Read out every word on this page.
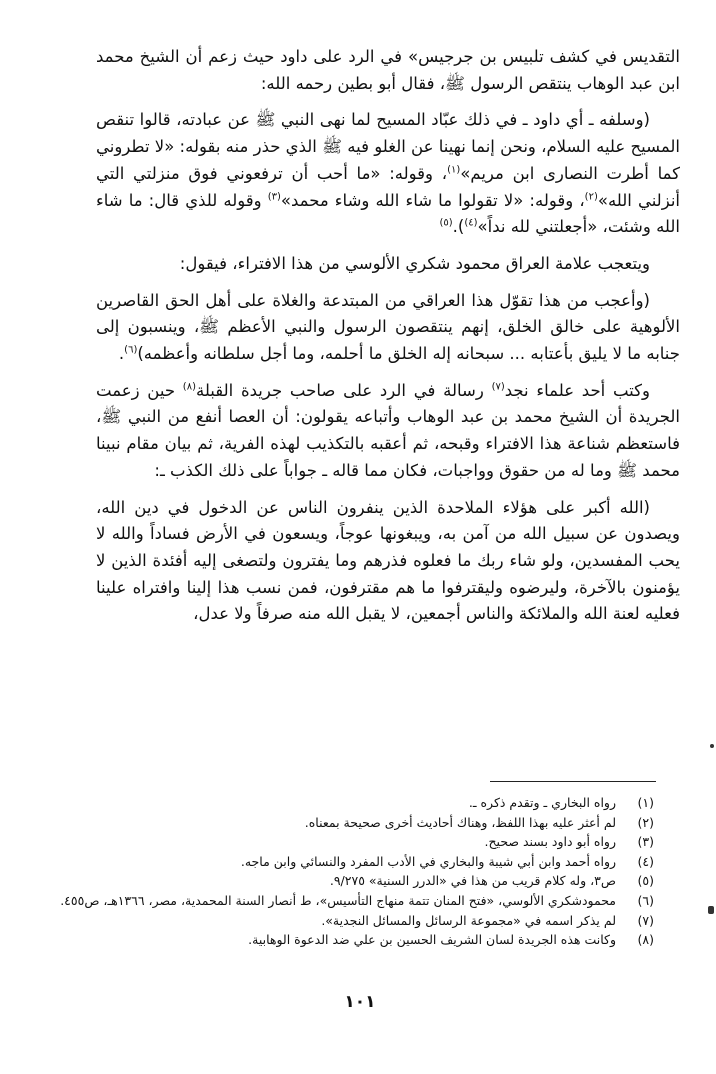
التقديس في كشف تلبيس بن جرجيس» في الرد على داود حيث زعم أن الشيخ محمد ابن عبد الوهاب ينتقص الرسول ﷺ، فقال أبو بطين رحمه الله:

(وسلفه ـ أي داود ـ في ذلك عبّاد المسيح لما نهى النبي ﷺ عن عبادته، قالوا تنقص المسيح عليه السلام، ونحن إنما نهينا عن الغلو فيه ﷺ الذي حذر منه بقوله: «لا تطروني كما أطرت النصارى ابن مريم»$^{(١)}$، وقوله: «ما أحب أن ترفعوني فوق منزلتي التي أنزلني الله»$^{(٢)}$، وقوله: «لا تقولوا ما شاء الله وشاء محمد»$^{(٣)}$ وقوله للذي قال: ما شاء الله وشئت، «أجعلتني لله نداً»$^{(٤)}$).$^{(٥)}$

ويتعجب علامة العراق محمود شكري الألوسي من هذا الافتراء، فيقول:

(وأعجب من هذا تقوّل هذا العراقي من المبتدعة والغلاة على أهل الحق القاصرين الألوهية على خالق الخلق، إنهم ينتقصون الرسول والنبي الأعظم ﷺ، وينسبون إلى جنابه ما لا يليق بأعتابه ... سبحانه إله الخلق ما أحلمه، وما أجل سلطانه وأعظمه)$^{(٦)}$.

وكتب أحد علماء نجد$^{(٧)}$ رسالة في الرد على صاحب جريدة القبلة$^{(٨)}$ حين زعمت الجريدة أن الشيخ محمد بن عبد الوهاب وأتباعه يقولون: أن العصا أنفع من النبي ﷺ، فاستعظم شناعة هذا الافتراء وقبحه، ثم أعقبه بالتكذيب لهذه الفرية، ثم بيان مقام نبينا محمد ﷺ وما له من حقوق وواجبات، فكان مما قاله ـ جواباً على ذلك الكذب ـ:

(الله أكبر على هؤلاء الملاحدة الذين ينفرون الناس عن الدخول في دين الله، ويصدون عن سبيل الله من آمن به، ويبغونها عوجاً، ويسعون في الأرض فساداً والله لا يحب المفسدين، ولو شاء ربك ما فعلوه فذرهم وما يفترون ولتصغى إليه أفئدة الذين لا يؤمنون بالآخرة، وليرضوه وليقترفوا ما هم مقترفون، فمن نسب هذا إلينا وافتراه علينا فعليه لعنة الله والملائكة والناس أجمعين، لا يقبل الله منه صرفاً ولا عدل،

(١) رواه البخاري ـ وتقدم ذكره ـ.
(٢) لم أعثر عليه بهذا اللفظ، وهناك أحاديث أخرى صحيحة بمعناه.
(٣) رواه أبو داود بسند صحيح.
(٤) رواه أحمد وابن أبي شيبة والبخاري في الأدب المفرد والنسائي وابن ماجه.
(٥) ص٣، وله كلام قريب من هذا في «الدرر السنية» ٩/٢٧٥.
(٦) محمودشكري الألوسي، «فتح المنان تتمة منهاج التأسيس»، ط أنصار السنة المحمدية، مصر، ١٣٦٦هـ، ص٤٥٥.
(٧) لم يذكر اسمه في «مجموعة الرسائل والمسائل النجدية».
(٨) وكانت هذه الجريدة لسان الشريف الحسين بن علي ضد الدعوة الوهابية.
١٠١
